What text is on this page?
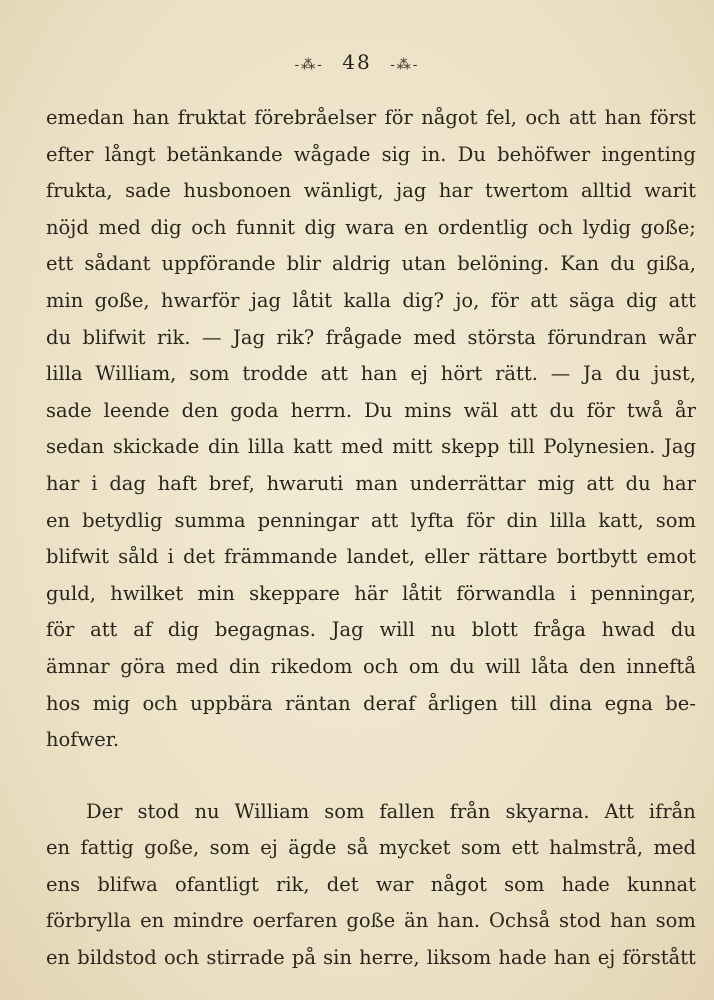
-⁂- 48 -⁂-
emedan han fruktat förebråelser för något fel, och att han först
efter långt betänkande wågade sig in. Du behöfwer ingenting
frukta, sade husbonoen wänligt, jag har twertom alltid warit
nöjd med dig och funnit dig wara en ordentlig och lydig goße;
ett sådant uppförande blir aldrig utan belöning. Kan du gißa,
min goße, hwarför jag låtit kalla dig? jo, för att säga dig att
du blifwit rik. — Jag rik? frågade med största förundran wår
lilla William, som trodde att han ej hört rätt. — Ja du just,
sade leende den goda herrn. Du mins wäl att du för twå år
sedan skickade din lilla katt med mitt skepp till Polynesien. Jag
har i dag haft bref, hwaruti man underrättar mig att du har
en betydlig summa penningar att lyfta för din lilla katt, som
blifwit såld i det främmande landet, eller rättare bortbytt emot
guld, hwilket min skeppare här låtit förwandla i penningar,
för att af dig begagnas. Jag will nu blott fråga hwad du
ämnar göra med din rikedom och om du will låta den inneftå
hos mig och uppbära räntan deraf årligen till dina egna be-
hofwer.

Der stod nu William som fallen från skyarna. Att ifrån
en fattig goße, som ej ägde så mycket som ett halmstrå, med
ens blifwa ofantligt rik, det war något som hade kunnat
förbrylla en mindre oerfaren goße än han. Ochså stod han som
en bildstod och stirrade på sin herre, liksom hade han ej förstått
